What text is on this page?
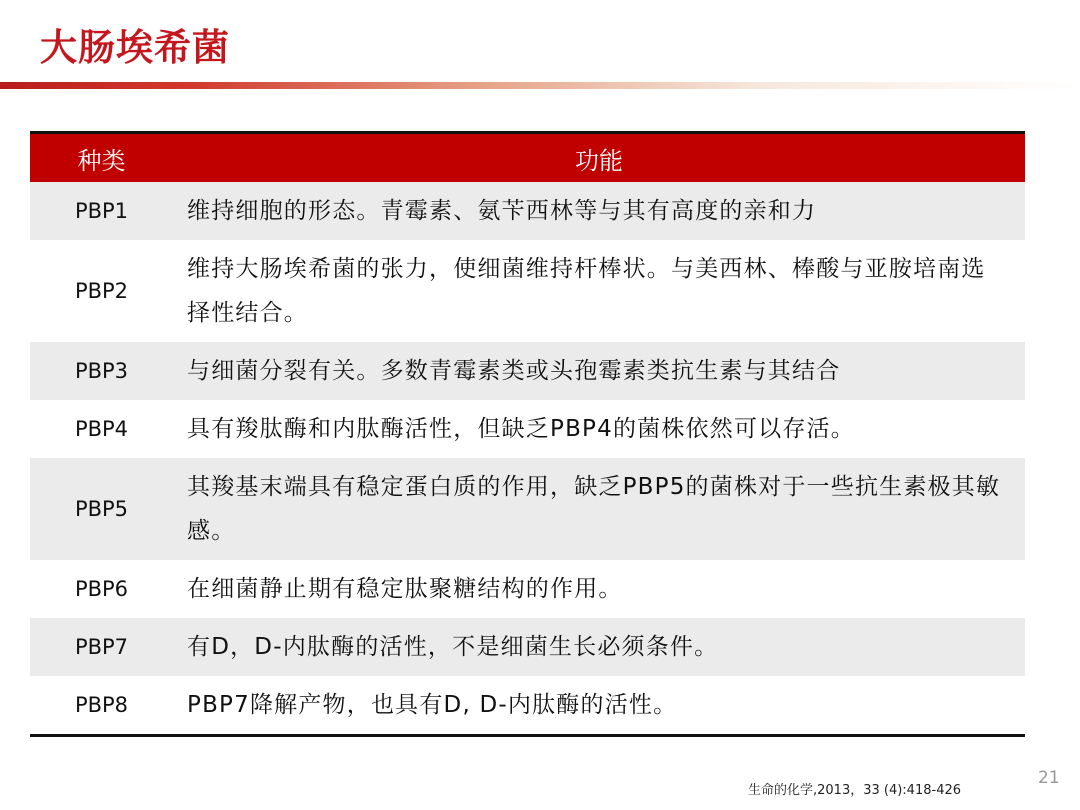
大肠埃希菌
种类	功能
PBP1	维持细胞的形态。青霉素、氨苄西林等与其有高度的亲和力
PBP2	维持大肠埃希菌的张力，使细菌维持杆棒状。与美西林、棒酸与亚胺培南选择性结合。
PBP3	与细菌分裂有关。多数青霉素类或头孢霉素类抗生素与其结合
PBP4	具有羧肽酶和内肽酶活性，但缺乏PBP4的菌株依然可以存活。
PBP5	其羧基末端具有稳定蛋白质的作用，缺乏PBP5的菌株对于一些抗生素极其敏感。
PBP6	在细菌静止期有稳定肽聚糖结构的作用。
PBP7	有D，D-内肽酶的活性，不是细菌生长必须条件。
PBP8	PBP7降解产物，也具有D, D-内肽酶的活性。
生命的化学,2013，33 (4):418-426
21
